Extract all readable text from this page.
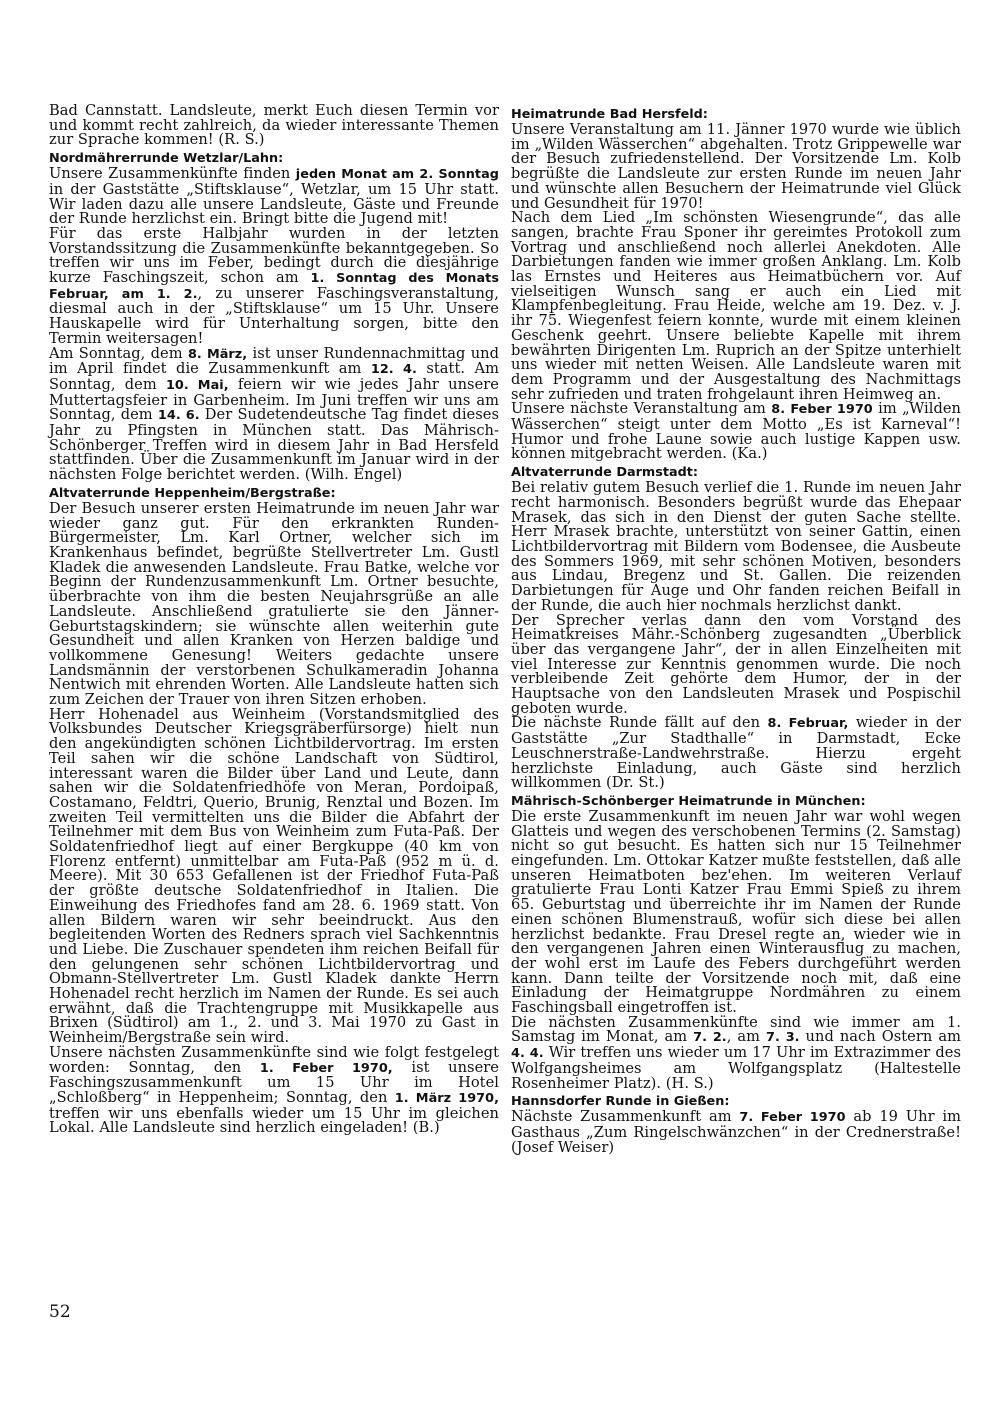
Bad Cannstatt. Landsleute, merkt Euch diesen Termin vor und kommt recht zahlreich, da wieder interessante Themen zur Sprache kommen! (R. S.)

Nordmährerrunde Wetzlar/Lahn:

Unsere Zusammenkünfte finden jeden Monat am 2. Sonntag in der Gaststätte „Stiftsklause“, Wetzlar, um 15 Uhr statt. Wir laden dazu alle unsere Landsleute, Gäste und Freunde der Runde herzlichst ein. Bringt bitte die Jugend mit!

Für das erste Halbjahr wurden in der letzten Vorstandssitzung die Zusammenkünfte bekanntgegeben. So treffen wir uns im Feber, bedingt durch die diesjährige kurze Faschingszeit, schon am 1. Sonntag des Monats Februar, am 1. 2., zu unserer Faschingsveranstaltung, diesmal auch in der „Stiftsklause“ um 15 Uhr. Unsere Hauskapelle wird für Unterhaltung sorgen, bitte den Termin weitersagen!

Am Sonntag, dem 8. März, ist unser Rundennachmittag und im April findet die Zusammenkunft am 12. 4. statt. Am Sonntag, dem 10. Mai, feiern wir wie jedes Jahr unsere Muttertagsfeier in Garbenheim. Im Juni treffen wir uns am Sonntag, dem 14. 6. Der Sudetendeutsche Tag findet dieses Jahr zu Pfingsten in München statt. Das Mährisch-Schönberger Treffen wird in diesem Jahr in Bad Hersfeld stattfinden. Über die Zusammenkunft im Januar wird in der nächsten Folge berichtet werden. (Wilh. Engel)

Altvaterrunde Heppenheim/Bergstraße:

Der Besuch unserer ersten Heimatrunde im neuen Jahr war wieder ganz gut. Für den erkrankten Runden-Bürgermeister, Lm. Karl Ortner, welcher sich im Krankenhaus befindet, begrüßte Stellvertreter Lm. Gustl Kladek die anwesenden Landsleute. Frau Batke, welche vor Beginn der Rundenzusammenkunft Lm. Ortner besuchte, überbrachte von ihm die besten Neujahrsgrüße an alle Landsleute. Anschließend gratulierte sie den Jänner-Geburtstagskindern; sie wünschte allen weiterhin gute Gesundheit und allen Kranken von Herzen baldige und vollkommene Genesung! Weiters gedachte unsere Landsmännin der verstorbenen Schulkameradin Johanna Nentwich mit ehrenden Worten. Alle Landsleute hatten sich zum Zeichen der Trauer von ihren Sitzen erhoben.

Herr Hohenadel aus Weinheim (Vorstandsmitglied des Volksbundes Deutscher Kriegsgräberfürsorge) hielt nun den angekündigten schönen Lichtbildervortrag. Im ersten Teil sahen wir die schöne Landschaft von Südtirol, interessant waren die Bilder über Land und Leute, dann sahen wir die Soldatenfriedhöfe von Meran, Pordoipaß, Costamano, Feldtri, Querio, Brunig, Renztal und Bozen. Im zweiten Teil vermittelten uns die Bilder die Abfahrt der Teilnehmer mit dem Bus von Weinheim zum Futa-Paß. Der Soldatenfriedhof liegt auf einer Bergkuppe (40 km von Florenz entfernt) unmittelbar am Futa-Paß (952 m ü. d. Meere). Mit 30 653 Gefallenen ist der Friedhof Futa-Paß der größte deutsche Soldatenfriedhof in Italien. Die Einweihung des Friedhofes fand am 28. 6. 1969 statt. Von allen Bildern waren wir sehr beeindruckt. Aus den begleitenden Worten des Redners sprach viel Sachkenntnis und Liebe. Die Zuschauer spendeten ihm reichen Beifall für den gelungenen sehr schönen Lichtbildervortrag und Obmann-Stellvertreter Lm. Gustl Kladek dankte Herrn Hohenadel recht herzlich im Namen der Runde. Es sei auch erwähnt, daß die Trachtengruppe mit Musikkapelle aus Brixen (Südtirol) am 1., 2. und 3. Mai 1970 zu Gast in Weinheim/Bergstraße sein wird.

Unsere nächsten Zusammenkünfte sind wie folgt festgelegt worden: Sonntag, den 1. Feber 1970, ist unsere Faschingszusammenkunft um 15 Uhr im Hotel „Schloßberg“ in Heppenheim; Sonntag, den 1. März 1970, treffen wir uns ebenfalls wieder um 15 Uhr im gleichen Lokal. Alle Landsleute sind herzlich eingeladen! (B.)

Heimatrunde Bad Hersfeld:

Unsere Veranstaltung am 11. Jänner 1970 wurde wie üblich im „Wilden Wässerchen“ abgehalten. Trotz Grippewelle war der Besuch zufriedenstellend. Der Vorsitzende Lm. Kolb begrüßte die Landsleute zur ersten Runde im neuen Jahr und wünschte allen Besuchern der Heimatrunde viel Glück und Gesundheit für 1970!

Nach dem Lied „Im schönsten Wiesengrunde“, das alle sangen, brachte Frau Sponer ihr gereimtes Protokoll zum Vortrag und anschließend noch allerlei Anekdoten. Alle Darbietungen fanden wie immer großen Anklang. Lm. Kolb las Ernstes und Heiteres aus Heimatbüchern vor. Auf vielseitigen Wunsch sang er auch ein Lied mit Klampfenbegleitung. Frau Heide, welche am 19. Dez. v. J. ihr 75. Wiegenfest feiern konnte, wurde mit einem kleinen Geschenk geehrt. Unsere beliebte Kapelle mit ihrem bewährten Dirigenten Lm. Ruprich an der Spitze unterhielt uns wieder mit netten Weisen. Alle Landsleute waren mit dem Programm und der Ausgestaltung des Nachmittags sehr zufrieden und traten frohgelaunt ihren Heimweg an.

Unsere nächste Veranstaltung am 8. Feber 1970 im „Wilden Wässerchen“ steigt unter dem Motto „Es ist Karneval“! Humor und frohe Laune sowie auch lustige Kappen usw. können mitgebracht werden. (Ka.)

Altvaterrunde Darmstadt:

Bei relativ gutem Besuch verlief die 1. Runde im neuen Jahr recht harmonisch. Besonders begrüßt wurde das Ehepaar Mrasek, das sich in den Dienst der guten Sache stellte. Herr Mrasek brachte, unterstützt von seiner Gattin, einen Lichtbildervortrag mit Bildern vom Bodensee, die Ausbeute des Sommers 1969, mit sehr schönen Motiven, besonders aus Lindau, Bregenz und St. Gallen. Die reizenden Darbietungen für Auge und Ohr fanden reichen Beifall in der Runde, die auch hier nochmals herzlichst dankt.

Der Sprecher verlas dann den vom Vorstand des Heimatkreises Mähr.-Schönberg zugesandten „Überblick über das vergangene Jahr“, der in allen Einzelheiten mit viel Interesse zur Kenntnis genommen wurde. Die noch verbleibende Zeit gehörte dem Humor, der in der Hauptsache von den Landsleuten Mrasek und Pospischil geboten wurde.

Die nächste Runde fällt auf den 8. Februar, wieder in der Gaststätte „Zur Stadthalle“ in Darmstadt, Ecke Leuschnerstraße-Landwehrstraße. Hierzu ergeht herzlichste Einladung, auch Gäste sind herzlich willkommen (Dr. St.)

Mährisch-Schönberger Heimatrunde in München:

Die erste Zusammenkunft im neuen Jahr war wohl wegen Glatteis und wegen des verschobenen Termins (2. Samstag) nicht so gut besucht. Es hatten sich nur 15 Teilnehmer eingefunden. Lm. Ottokar Katzer mußte feststellen, daß alle unseren Heimatboten bez'ehen. Im weiteren Verlauf gratulierte Frau Lonti Katzer Frau Emmi Spieß zu ihrem 65. Geburtstag und überreichte ihr im Namen der Runde einen schönen Blumenstrauß, wofür sich diese bei allen herzlichst bedankte. Frau Dresel regte an, wieder wie in den vergangenen Jahren einen Winterausflug zu machen, der wohl erst im Laufe des Febers durchgeführt werden kann. Dann teilte der Vorsitzende noch mit, daß eine Einladung der Heimatgruppe Nordmähren zu einem Faschingsball eingetroffen ist.

Die nächsten Zusammenkünfte sind wie immer am 1. Samstag im Monat, am 7. 2., am 7. 3. und nach Ostern am 4. 4. Wir treffen uns wieder um 17 Uhr im Extrazimmer des Wolfgangsheimes am Wolfgangsplatz (Haltestelle Rosenheimer Platz). (H. S.)

Hannsdorfer Runde in Gießen:

Nächste Zusammenkunft am 7. Feber 1970 ab 19 Uhr im Gasthaus „Zum Ringelschwänzchen“ in der Crednerstraße! (Josef Weiser)

52
